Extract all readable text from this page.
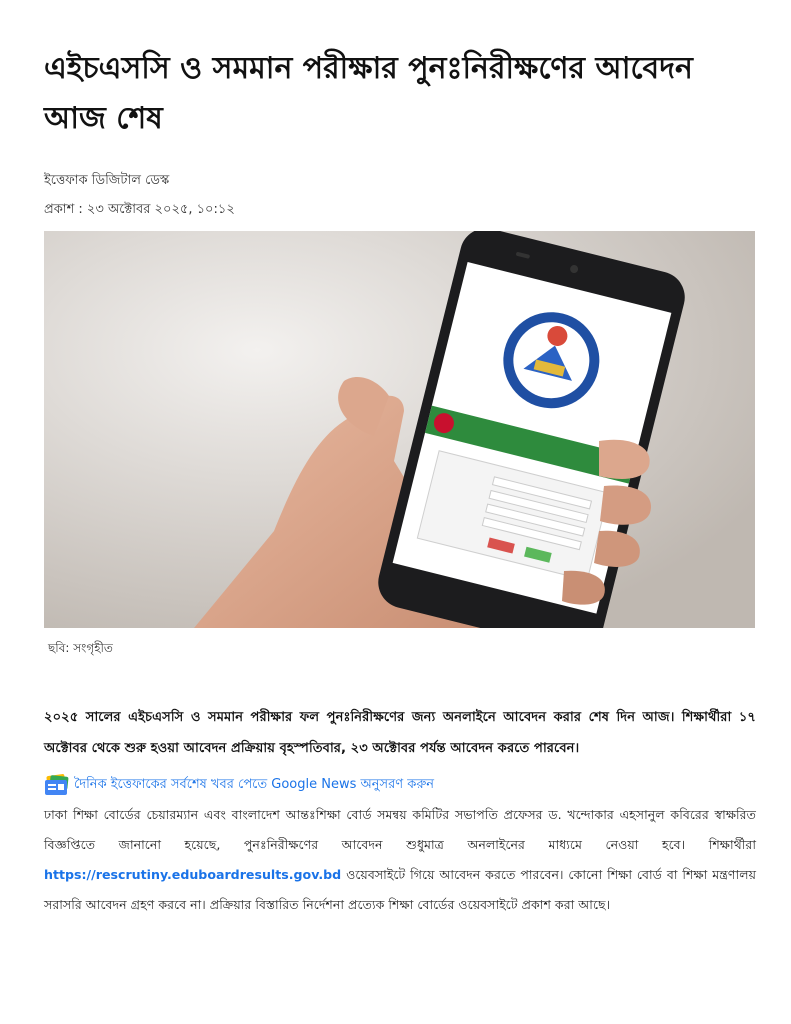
এইচএসসি ও সমমান পরীক্ষার পুনঃনিরীক্ষণের আবেদন আজ শেষ
ইত্তেফাক ডিজিটাল ডেস্ক
প্রকাশ : ২৩ অক্টোবর ২০২৫, ১০:১২
ছবি: সংগৃহীত

২০২৫ সালের এইচএসসি ও সমমান পরীক্ষার ফল পুনঃনিরীক্ষণের জন্য অনলাইনে আবেদন করার শেষ দিন আজ। শিক্ষার্থীরা ১৭ অক্টোবর থেকে শুরু হওয়া আবেদন প্রক্রিয়ায় বৃহস্পতিবার, ২৩ অক্টোবর পর্যন্ত আবেদন করতে পারবেন।

দৈনিক ইত্তেফাকের সর্বশেষ খবর পেতে Google News অনুসরণ করুন

ঢাকা শিক্ষা বোর্ডের চেয়ারম্যান এবং বাংলাদেশ আন্তঃশিক্ষা বোর্ড সমন্বয় কমিটির সভাপতি প্রফেসর ড. খন্দোকার এহসানুল কবিরের স্বাক্ষরিত বিজ্ঞপ্তিতে জানানো হয়েছে, পুনঃনিরীক্ষণের আবেদন শুধুমাত্র অনলাইনের মাধ্যমে নেওয়া হবে। শিক্ষার্থীরা https://rescrutiny.eduboardresults.gov.bd ওয়েবসাইটে গিয়ে আবেদন করতে পারবেন। কোনো শিক্ষা বোর্ড বা শিক্ষা মন্ত্রণালয় সরাসরি আবেদন গ্রহণ করবে না। প্রক্রিয়ার বিস্তারিত নির্দেশনা প্রত্যেক শিক্ষা বোর্ডের ওয়েবসাইটে প্রকাশ করা আছে।
